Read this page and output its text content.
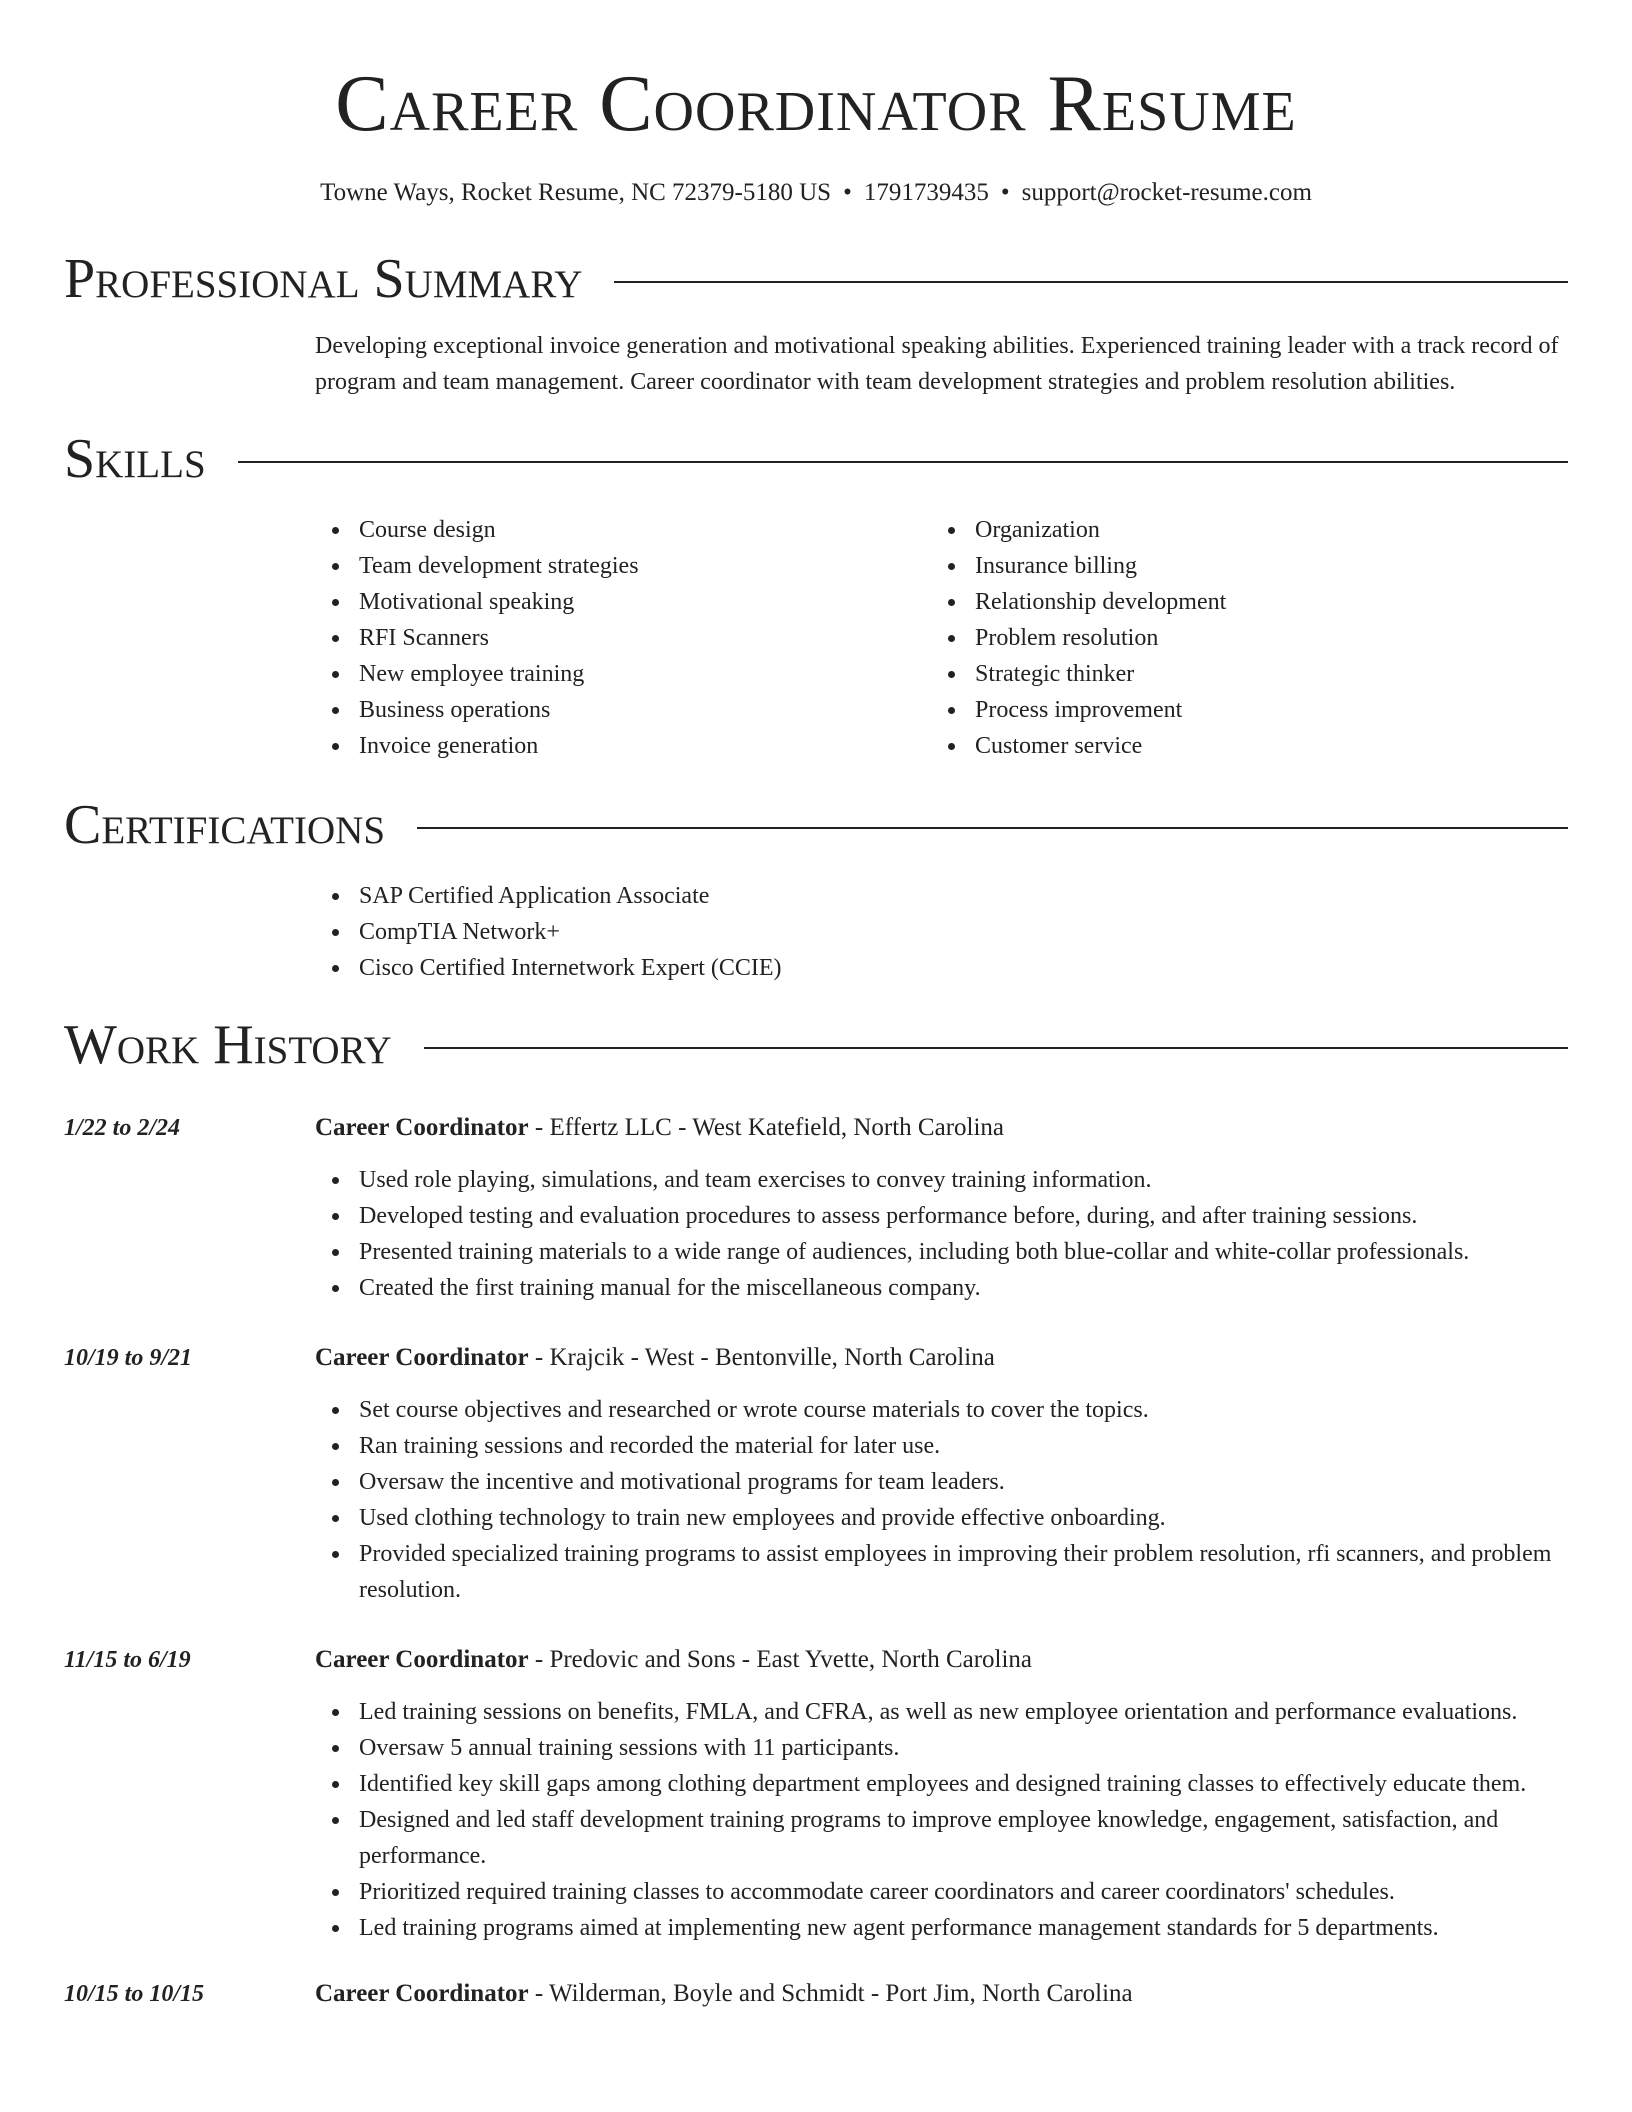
Career Coordinator Resume
Towne Ways, Rocket Resume, NC 72379-5180 US • 1791739435 • support@rocket-resume.com
Professional Summary

Developing exceptional invoice generation and motivational speaking abilities. Experienced training leader with a track record of program and team management. Career coordinator with team development strategies and problem resolution abilities.

Skills
Course design
Team development strategies
Motivational speaking
RFI Scanners
New employee training
Business operations
Invoice generation
Organization
Insurance billing
Relationship development
Problem resolution
Strategic thinker
Process improvement
Customer service
Certifications
SAP Certified Application Associate
CompTIA Network+
Cisco Certified Internetwork Expert (CCIE)
Work History
1/22 to 2/24	Career Coordinator - Effertz LLC - West Katefield, North Carolina
Used role playing, simulations, and team exercises to convey training information.
Developed testing and evaluation procedures to assess performance before, during, and after training sessions.
Presented training materials to a wide range of audiences, including both blue-collar and white-collar professionals.
Created the first training manual for the miscellaneous company.
10/19 to 9/21	Career Coordinator - Krajcik - West - Bentonville, North Carolina
Set course objectives and researched or wrote course materials to cover the topics.
Ran training sessions and recorded the material for later use.
Oversaw the incentive and motivational programs for team leaders.
Used clothing technology to train new employees and provide effective onboarding.
Provided specialized training programs to assist employees in improving their problem resolution, rfi scanners, and problem resolution.
11/15 to 6/19	Career Coordinator - Predovic and Sons - East Yvette, North Carolina
Led training sessions on benefits, FMLA, and CFRA, as well as new employee orientation and performance evaluations.
Oversaw 5 annual training sessions with 11 participants.
Identified key skill gaps among clothing department employees and designed training classes to effectively educate them.
Designed and led staff development training programs to improve employee knowledge, engagement, satisfaction, and performance.
Prioritized required training classes to accommodate career coordinators and career coordinators' schedules.
Led training programs aimed at implementing new agent performance management standards for 5 departments.
10/15 to 10/15	Career Coordinator - Wilderman, Boyle and Schmidt - Port Jim, North Carolina
